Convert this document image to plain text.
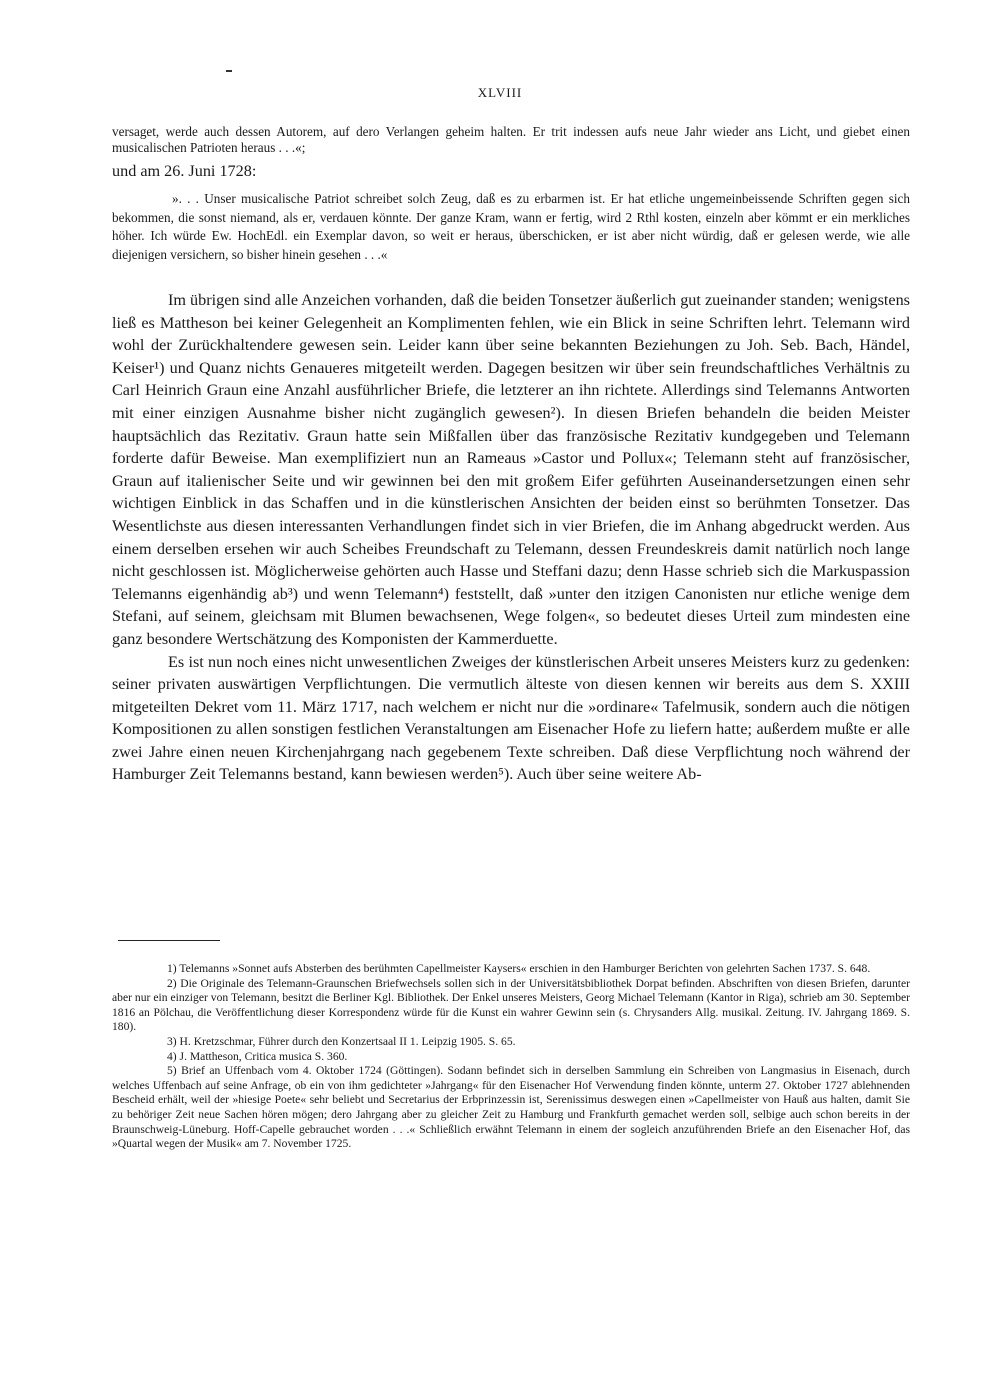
XLVIII
versaget, werde auch dessen Autorem, auf dero Verlangen geheim halten. Er trit indessen aufs neue Jahr wieder ans Licht, und giebet einen musicalischen Patrioten heraus . . .«;
und am 26. Juni 1728:

». . . Unser musicalische Patriot schreibet solch Zeug, daß es zu erbarmen ist. Er hat etliche ungemeinbeissende Schriften gegen sich bekommen, die sonst niemand, als er, verdauen könnte. Der ganze Kram, wann er fertig, wird 2 Rthl kosten, einzeln aber kömmt er ein merkliches höher. Ich würde Ew. HochEdl. ein Exemplar davon, so weit er heraus, überschicken, er ist aber nicht würdig, daß er gelesen werde, wie alle diejenigen versichern, so bisher hinein gesehen . . .«

Im übrigen sind alle Anzeichen vorhanden, daß die beiden Tonsetzer äußerlich gut zueinander standen; wenigstens ließ es Mattheson bei keiner Gelegenheit an Komplimenten fehlen, wie ein Blick in seine Schriften lehrt. Telemann wird wohl der Zurückhaltendere gewesen sein. Leider kann über seine bekannten Beziehungen zu Joh. Seb. Bach, Händel, Keiser¹) und Quanz nichts Genaueres mitgeteilt werden. Dagegen besitzen wir über sein freundschaftliches Verhältnis zu Carl Heinrich Graun eine Anzahl ausführlicher Briefe, die letzterer an ihn richtete. Allerdings sind Telemanns Antworten mit einer einzigen Ausnahme bisher nicht zugänglich gewesen²). In diesen Briefen behandeln die beiden Meister hauptsächlich das Rezitativ. Graun hatte sein Mißfallen über das französische Rezitativ kundgegeben und Telemann forderte dafür Beweise. Man exemplifiziert nun an Rameaus »Castor und Pollux«; Telemann steht auf französischer, Graun auf italienischer Seite und wir gewinnen bei den mit großem Eifer geführten Auseinandersetzungen einen sehr wichtigen Einblick in das Schaffen und in die künstlerischen Ansichten der beiden einst so berühmten Tonsetzer. Das Wesentlichste aus diesen interessanten Verhandlungen findet sich in vier Briefen, die im Anhang abgedruckt werden. Aus einem derselben ersehen wir auch Scheibes Freundschaft zu Telemann, dessen Freundeskreis damit natürlich noch lange nicht geschlossen ist. Möglicherweise gehörten auch Hasse und Steffani dazu; denn Hasse schrieb sich die Markuspassion Telemanns eigenhändig ab³) und wenn Telemann⁴) feststellt, daß »unter den itzigen Canonisten nur etliche wenige dem Stefani, auf seinem, gleichsam mit Blumen bewachsenen, Wege folgen«, so bedeutet dieses Urteil zum mindesten eine ganz besondere Wertschätzung des Komponisten der Kammerduette.

Es ist nun noch eines nicht unwesentlichen Zweiges der künstlerischen Arbeit unseres Meisters kurz zu gedenken: seiner privaten auswärtigen Verpflichtungen. Die vermutlich älteste von diesen kennen wir bereits aus dem S. XXIII mitgeteilten Dekret vom 11. März 1717, nach welchem er nicht nur die »ordinare« Tafelmusik, sondern auch die nötigen Kompositionen zu allen sonstigen festlichen Veranstaltungen am Eisenacher Hofe zu liefern hatte; außerdem mußte er alle zwei Jahre einen neuen Kirchenjahrgang nach gegebenem Texte schreiben. Daß diese Verpflichtung noch während der Hamburger Zeit Telemanns bestand, kann bewiesen werden⁵). Auch über seine weitere Ab-

1) Telemanns »Sonnet aufs Absterben des berühmten Capellmeister Kaysers« erschien in den Hamburger Berichten von gelehrten Sachen 1737. S. 648.

2) Die Originale des Telemann-Graunschen Briefwechsels sollen sich in der Universitätsbibliothek Dorpat befinden. Abschriften von diesen Briefen, darunter aber nur ein einziger von Telemann, besitzt die Berliner Kgl. Bibliothek. Der Enkel unseres Meisters, Georg Michael Telemann (Kantor in Riga), schrieb am 30. September 1816 an Pölchau, die Veröffentlichung dieser Korrespondenz würde für die Kunst ein wahrer Gewinn sein (s. Chrysanders Allg. musikal. Zeitung. IV. Jahrgang 1869. S. 180).

3) H. Kretzschmar, Führer durch den Konzertsaal II 1. Leipzig 1905. S. 65.

4) J. Mattheson, Critica musica S. 360.

5) Brief an Uffenbach vom 4. Oktober 1724 (Göttingen). Sodann befindet sich in derselben Sammlung ein Schreiben von Langmasius in Eisenach, durch welches Uffenbach auf seine Anfrage, ob ein von ihm gedichteter »Jahrgang« für den Eisenacher Hof Verwendung finden könnte, unterm 27. Oktober 1727 ablehnenden Bescheid erhält, weil der »hiesige Poete« sehr beliebt und Secretarius der Erbprinzessin ist, Serenissimus deswegen einen »Capellmeister von Hauß aus halten, damit Sie zu behöriger Zeit neue Sachen hören mögen; dero Jahrgang aber zu gleicher Zeit zu Hamburg und Frankfurth gemachet werden soll, selbige auch schon bereits in der Braunschweig-Lüneburg. Hoff-Capelle gebrauchet worden . . .« Schließlich erwähnt Telemann in einem der sogleich anzuführenden Briefe an den Eisenacher Hof, das »Quartal wegen der Musik« am 7. November 1725.
